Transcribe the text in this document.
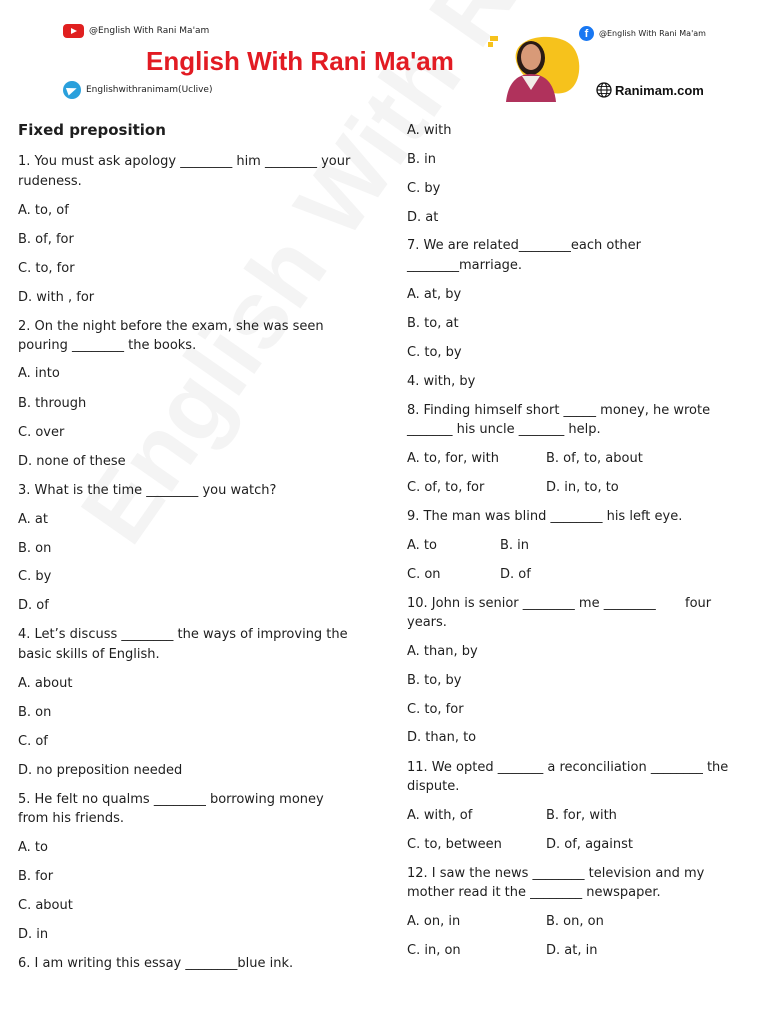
@English With Rani Ma'am
English With Rani Ma'am
Englishwithranimam(Uclive)
f	@English With Rani Ma'am
Ranimam.com

Fixed preposition

1. You must ask apology ________ him ________ your

rudeness.

A. to, of

B. of, for

C. to, for

D. with , for

2. On the night before the exam, she was seen

pouring ________ the books.

A. into

B. through

C. over

D. none of these

3. What is the time ________ you watch?

A. at

B. on

C. by

D. of

4. Let’s discuss ________ the ways of improving the

basic skills of English.

A. about

B. on

C. of

D. no preposition needed

5. He felt no qualms ________ borrowing money

from his friends.

A. to

B. for

C. about

D. in

6. I am writing this essay ________blue ink.

A. with

B. in

C. by

D. at

7. We are related________each other

________marriage.

A. at, by

B. to, at

C. to, by

4. with, by

8. Finding himself short _____ money, he wrote

_______ his uncle _______ help.

A. to, for, with	B. of, to, about

C. of, to, for	D. in, to, to

9. The man was blind ________ his left eye.

A. to	B. in

C. on	D. of

10. John is senior ________ me ________ four

years.

A. than, by

B. to, by

C. to, for

D. than, to

11. We opted _______ a reconciliation ________ the

dispute.

A. with, of	B. for, with

C. to, between	D. of, against

12. I saw the news ________ television and my

mother read it the ________ newspaper.

A. on, in	B. on, on

C. in, on	D. at, in
